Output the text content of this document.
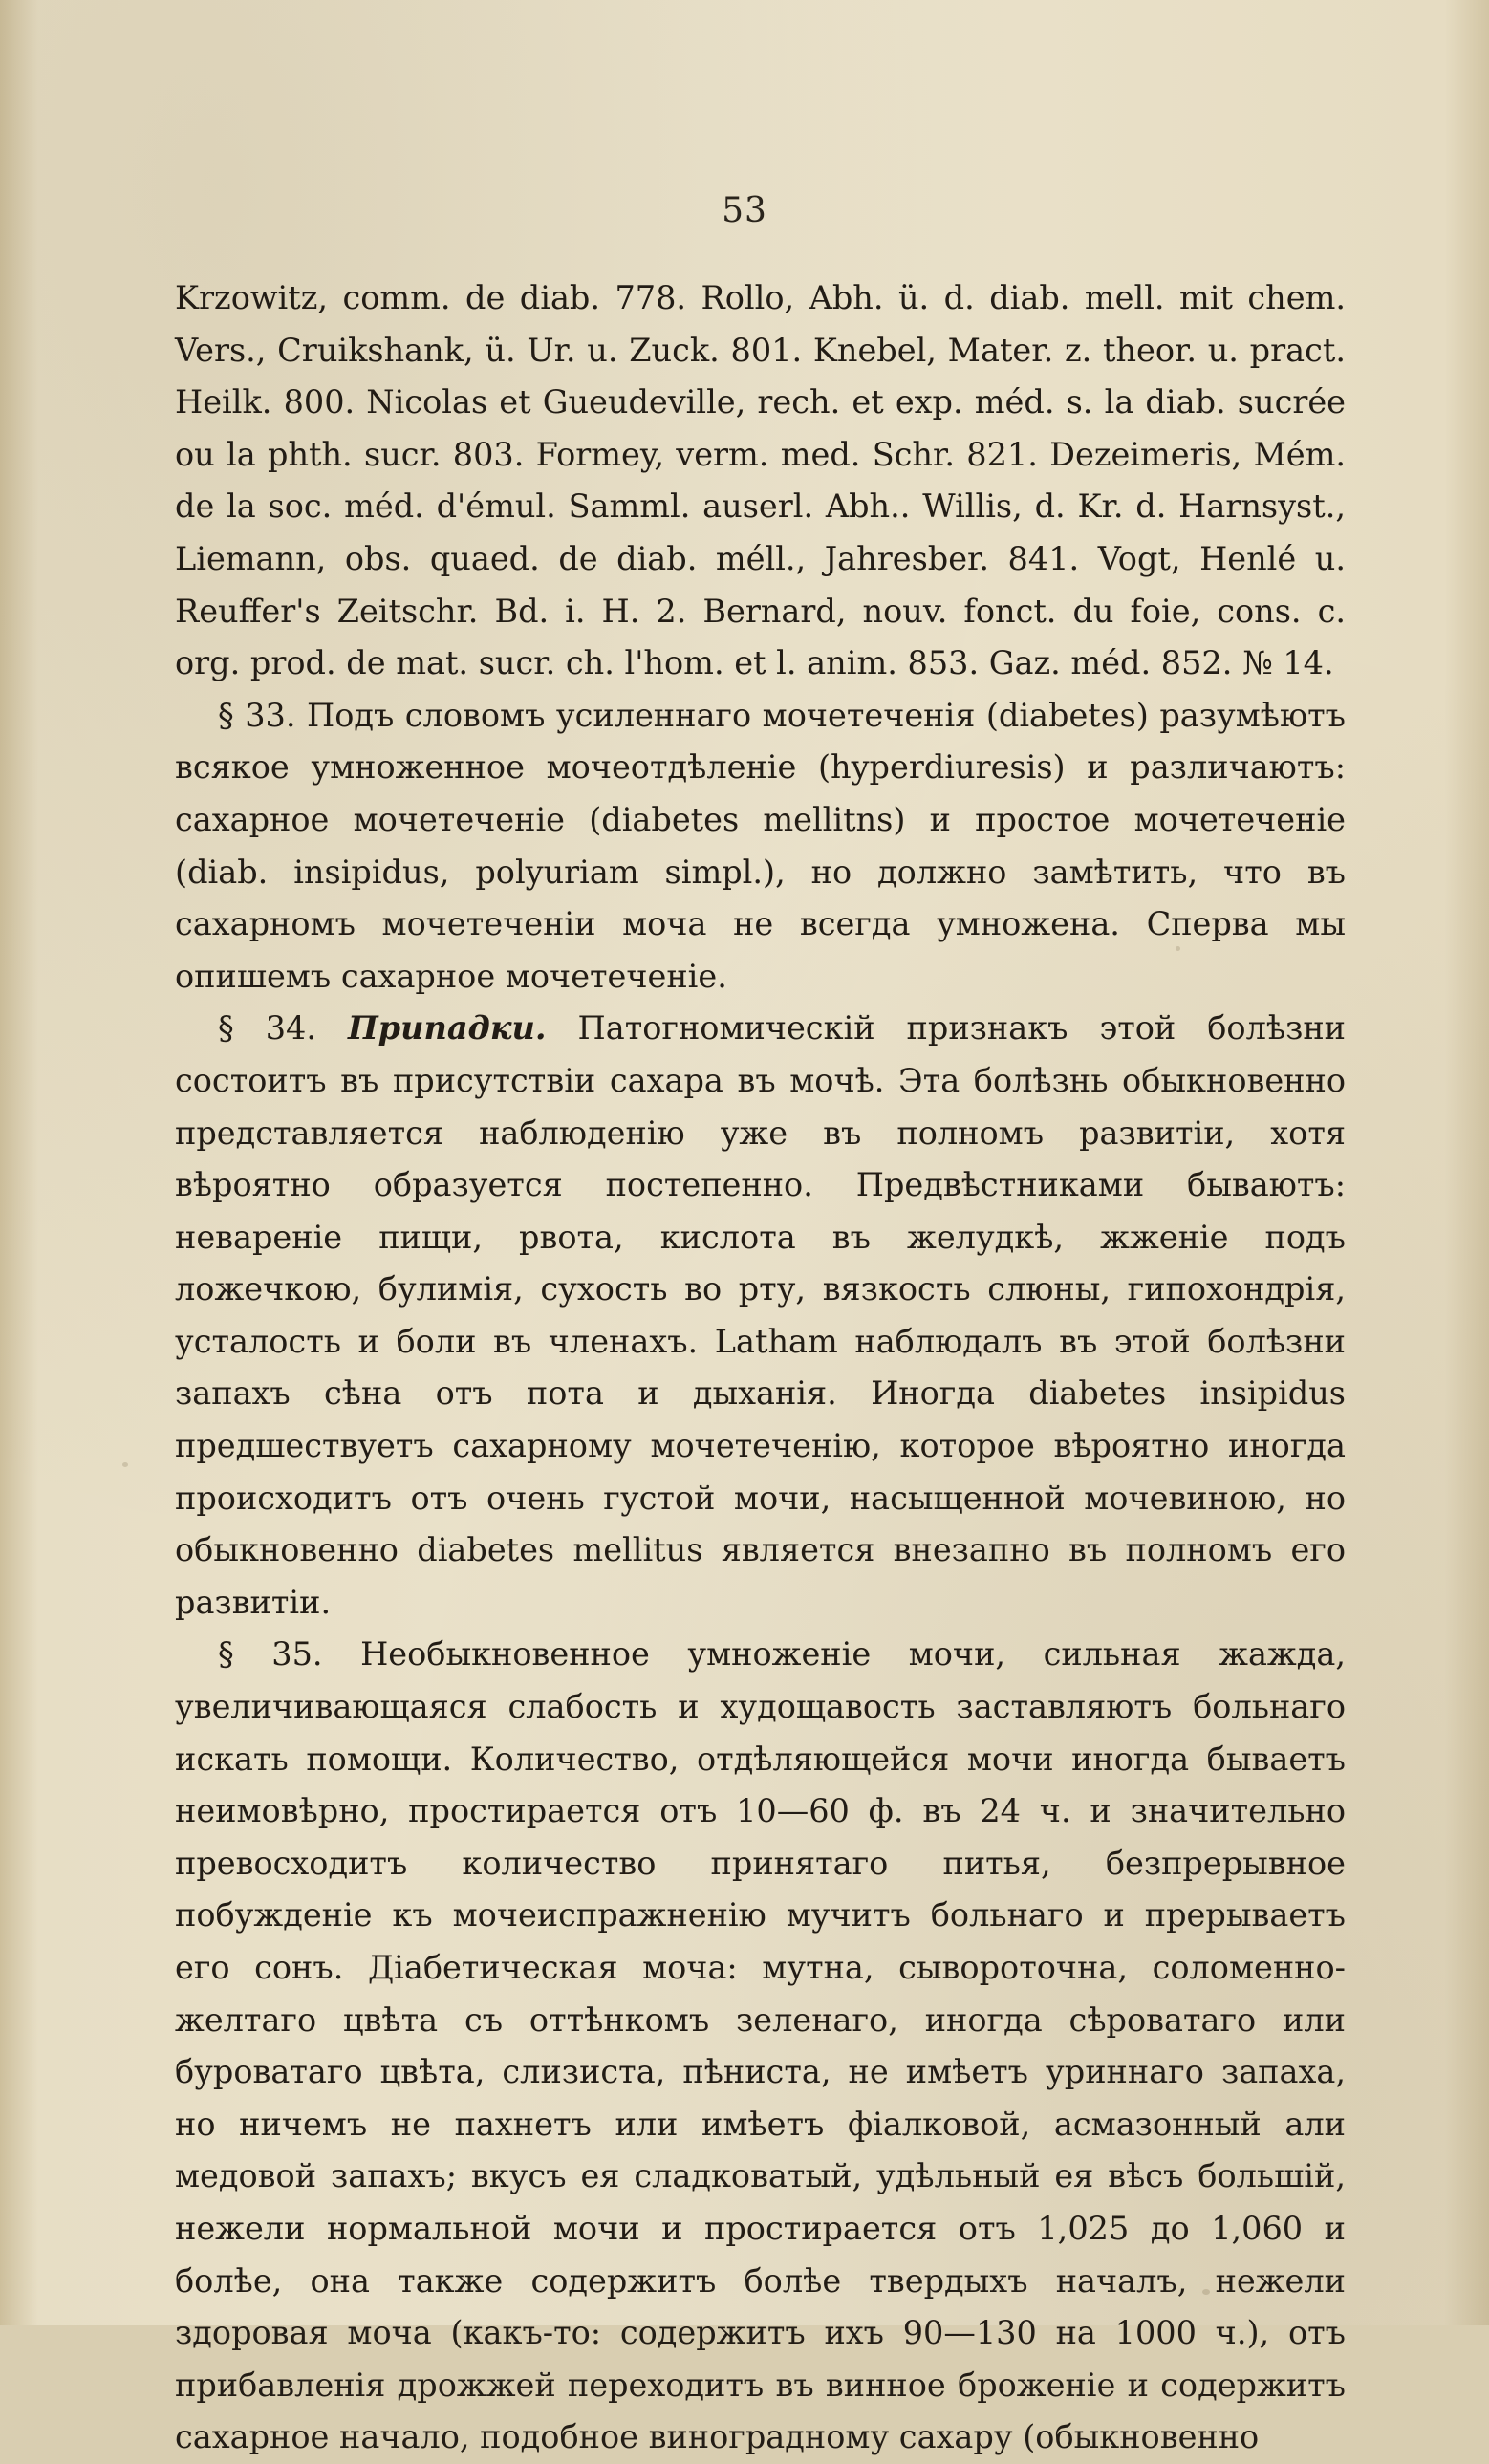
53

Krzowitz, comm. de diab. 778. Rollo, Abh. ü. d. diab. mell. mit chem. Vers., Cruikshank, ü. Ur. u. Zuck. 801. Knebel, Mater. z. theor. u. pract. Heilk. 800. Nicolas et Gueudeville, rech. et exp. méd. s. la diab. sucrée ou la phth. sucr. 803. Formey, verm. med. Schr. 821. Dezeimeris, Mém. de la soc. méd. d'émul. Samml. auserl. Abh.. Willis, d. Kr. d. Harnsyst., Liemann, obs. quaed. de diab. méll., Jahresber. 841. Vogt, Henlé u. Reuffer's Zeitschr. Bd. i. H. 2. Bernard, nouv. fonct. du foie, cons. c. org. prod. de mat. sucr. ch. l'hom. et l. anim. 853. Gaz. méd. 852. № 14.

§ 33. Подъ словомъ усиленнаго мочетеченія (diabetes) разумѣютъ всякое умноженное мочеотдѣленіе (hyperdiuresis) и различаютъ: сахарное мочетеченіе (diabetes mellitns) и простое мочетеченіе (diab. insipidus, polyuriam simpl.), но должно замѣтить, что въ сахарномъ мочетеченіи моча не всегда умножена. Сперва мы опишемъ сахарное мочетеченіе.

§ 34. Припадки. Патогномическій признакъ этой болѣзни состоитъ въ присутствіи сахара въ мочѣ. Эта болѣзнь обыкновенно представляется наблюденію уже въ полномъ развитіи, хотя вѣроятно образуется постепенно. Предвѣстниками бываютъ: невареніе пищи, рвота, кислота въ желудкѣ, жженіе подъ ложечкою, булимія, сухость во рту, вязкость слюны, гипохондрія, усталость и боли въ членахъ. Latham наблюдалъ въ этой болѣзни запахъ сѣна отъ пота и дыханія. Иногда diabetes insipidus предшествуетъ сахарному мочетеченію, которое вѣроятно иногда происходитъ отъ очень густой мочи, насыщенной мочевиною, но обыкновенно diabetes mellitus является внезапно въ полномъ его развитіи.

§ 35. Необыкновенное умноженіе мочи, сильная жажда, увеличивающаяся слабость и худощавость заставляютъ больнаго искать помощи. Количество, отдѣляющейся мочи иногда бываетъ неимовѣрно, простирается отъ 10—60 ф. въ 24 ч. и значительно превосходитъ количество принятаго питья, безпрерывное побужденіе къ мочеиспражненію мучитъ больнаго и прерываетъ его сонъ. Діабетическая моча: мутна, сывороточна, соломенно-желтаго цвѣта съ оттѣнкомъ зеленаго, иногда сѣроватаго или буроватаго цвѣта, слизиста, пѣниста, не имѣетъ уриннаго запаха, но ничемъ не пахнетъ или имѣетъ фіалковой, асмазонный али медовой запахъ; вкусъ ея сладковатый, удѣльный ея вѣсъ большій, нежели нормальной мочи и простирается отъ 1,025 до 1,060 и болѣе, она также содержитъ болѣе твердыхъ началъ, нежели здоровая моча (какъ-то: содержитъ ихъ 90—130 на 1000 ч.), отъ прибавленія дрожжей переходитъ въ винное броженіе и содержитъ сахарное начало, подобное виноградному сахару (обыкновенно
